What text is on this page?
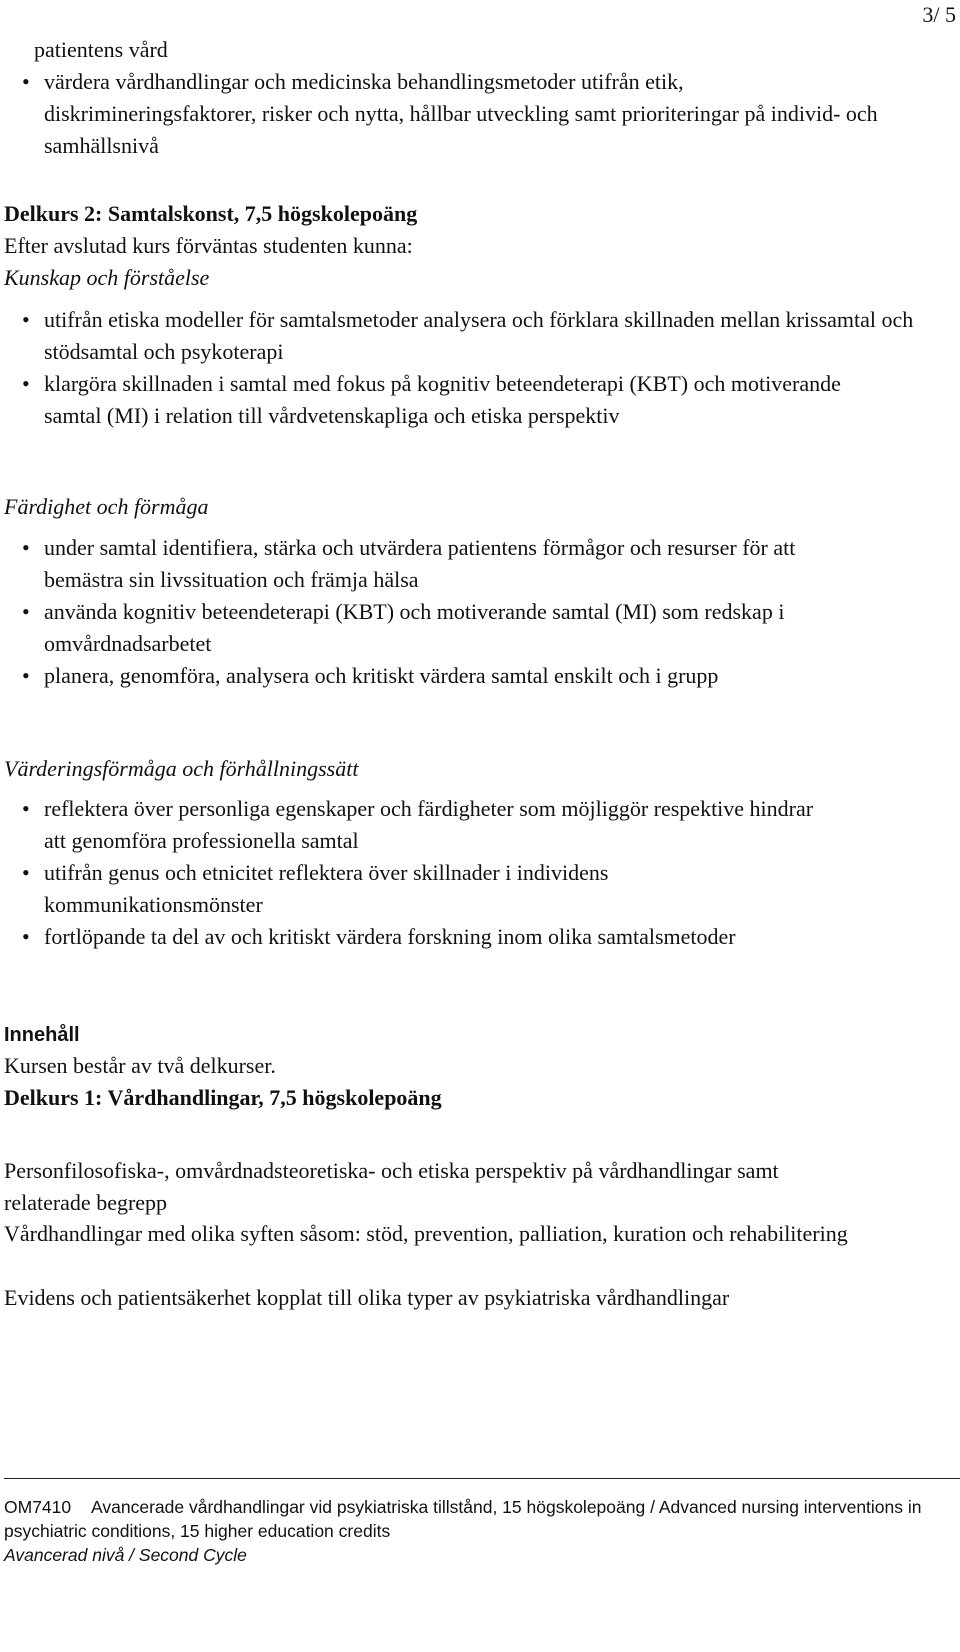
3/ 5
patientens vård
• värdera vårdhandlingar och medicinska behandlingsmetoder utifrån etik, diskrimineringsfaktorer, risker och nytta, hållbar utveckling samt prioriteringar på individ- och samhällsnivå
Delkurs 2: Samtalskonst, 7,5 högskolepoäng
Efter avslutad kurs förväntas studenten kunna:
Kunskap och förståelse
• utifrån etiska modeller för samtalsmetoder analysera och förklara skillnaden mellan krissamtal och stödsamtal och psykoterapi
• klargöra skillnaden i samtal med fokus på kognitiv beteendeterapi (KBT) och motiverande
samtal (MI) i relation till vårdvetenskapliga och etiska perspektiv
Färdighet och förmåga
• under samtal identifiera, stärka och utvärdera patientens förmågor och resurser för att
bemästra sin livssituation och främja hälsa
• använda kognitiv beteendeterapi (KBT) och motiverande samtal (MI) som redskap i omvårdnadsarbetet
• planera, genomföra, analysera och kritiskt värdera samtal enskilt och i grupp
Värderingsförmåga och förhållningssätt
• reflektera över personliga egenskaper och färdigheter som möjliggör respektive hindrar
att genomföra professionella samtal
• utifrån genus och etnicitet reflektera över skillnader i individens kommunikationsmönster
• fortlöpande ta del av och kritiskt värdera forskning inom olika samtalsmetoder
Innehåll
Kursen består av två delkurser.
Delkurs 1: Vårdhandlingar, 7,5 högskolepoäng
Personfilosofiska-, omvårdnadsteoretiska- och etiska perspektiv på vårdhandlingar samt relaterade begrepp
Vårdhandlingar med olika syften såsom: stöd, prevention, palliation, kuration och rehabilitering
Evidens och patientsäkerhet kopplat till olika typer av psykiatriska vårdhandlingar
OM7410 Avancerade vårdhandlingar vid psykiatriska tillstånd, 15 högskolepoäng / Advanced nursing interventions in psychiatric conditions, 15 higher education credits
Avancerad nivå / Second Cycle
